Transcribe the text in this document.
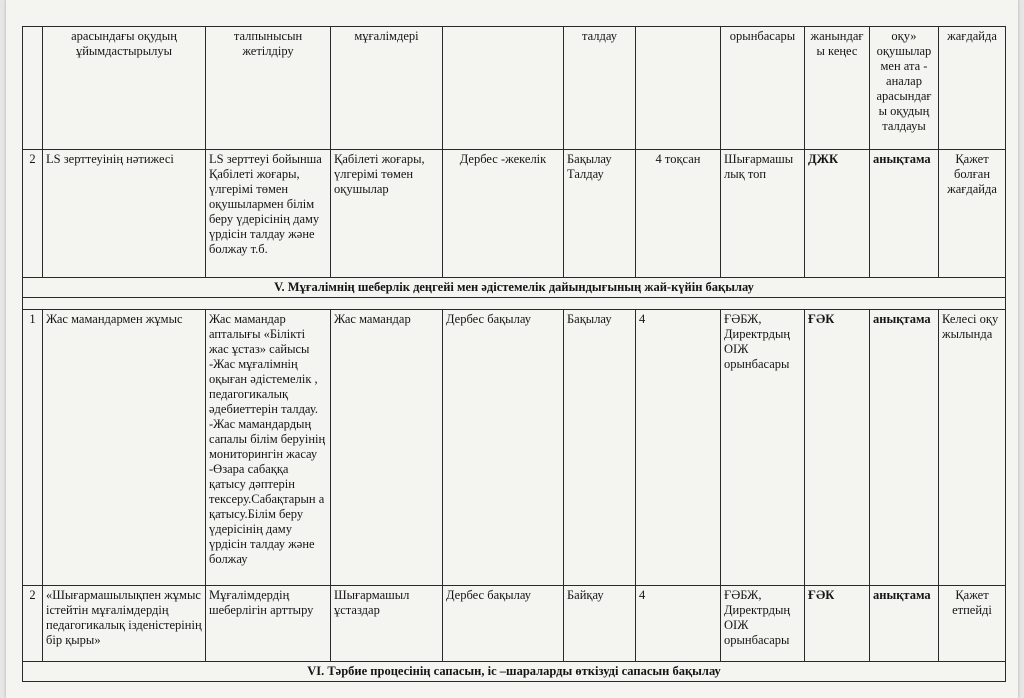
	арасындағы оқудың ұйымдастырылуы	талпынысын жетілдіру	мұғалімдері		талдау		орынбасары	жанындағ ы кеңес	оқу» оқушылар мен ата - аналар арасындағ ы оқудың талдауы	жағдайда
2	LS зерттеуінің нәтижесі	LS зерттеуі бойынша Қабілеті жоғары, үлгерімі төмен оқушылармен білім беру үдерісінің даму үрдісін талдау және болжау т.б.	Қабілеті жоғары, үлгерімі төмен оқушылар	Дербес -жекелік	Бақылау Талдау	4 тоқсан	Шығармашы лық топ	ДЖК	анықтама	Қажет болған жағдайда
V. Мұғалімнің шеберлік деңгейі мен әдістемелік дайындығының жай-күйін бақылау										

1	Жас мамандармен жұмыс	Жас мамандар апталығы «Білікті жас ұстаз» сайысы -Жас мұғалімнің оқыған әдістемелік , педагогикалық әдебиеттерін талдау. -Жас мамандардың сапалы білім беруінің мониторингін жасау -Өзара сабаққа қатысу дәптерін тексеру.Сабақтарын а қатысу.Білім беру үдерісінің даму үрдісін талдау және болжау	Жас мамандар	Дербес бақылау	Бақылау	4	ҒӘБЖ, Директрдың ОІЖ орынбасары	ҒӘК	анықтама	Келесі оқу жылында
2	«Шығармашылықпен жұмыс істейтін мұғалімдердің педагогикалық ізденістерінің бір қыры»	Мұғалімдердің шеберлігін арттыру	Шығармашыл ұстаздар	Дербес бақылау	Байқау	4	ҒӘБЖ, Директрдың ОІЖ орынбасары	ҒӘК	анықтама	Қажет етпейді
VI. Тәрбие процесінің сапасын, іс –шараларды өткізуді сапасын бақылау										
